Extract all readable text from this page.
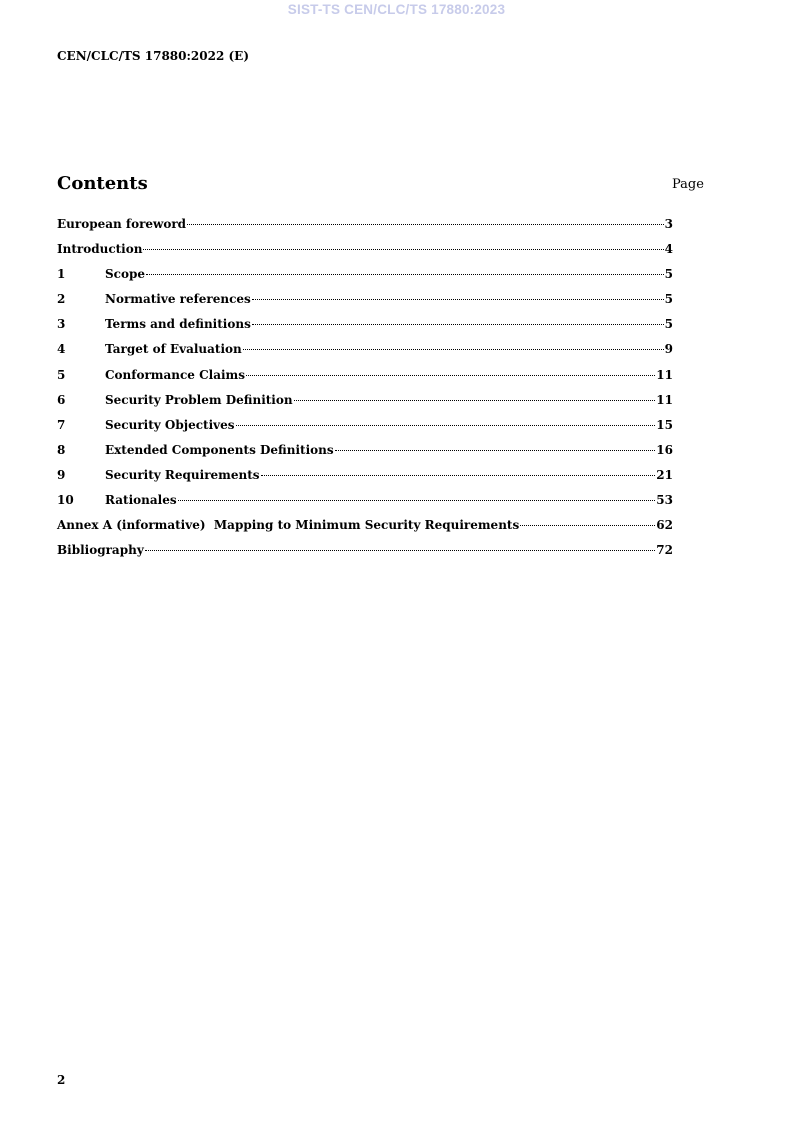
SIST-TS CEN/CLC/TS 17880:2023
CEN/CLC/TS 17880:2022 (E)
Contents	Page
European foreword	3
Introduction	4
1	Scope	5
2	Normative references	5
3	Terms and definitions	5
4	Target of Evaluation	9
5	Conformance Claims	11
6	Security Problem Definition	11
7	Security Objectives	15
8	Extended Components Definitions	16
9	Security Requirements	21
10	Rationales	53
Annex A (informative)  Mapping to Minimum Security Requirements	62
Bibliography	72
2
